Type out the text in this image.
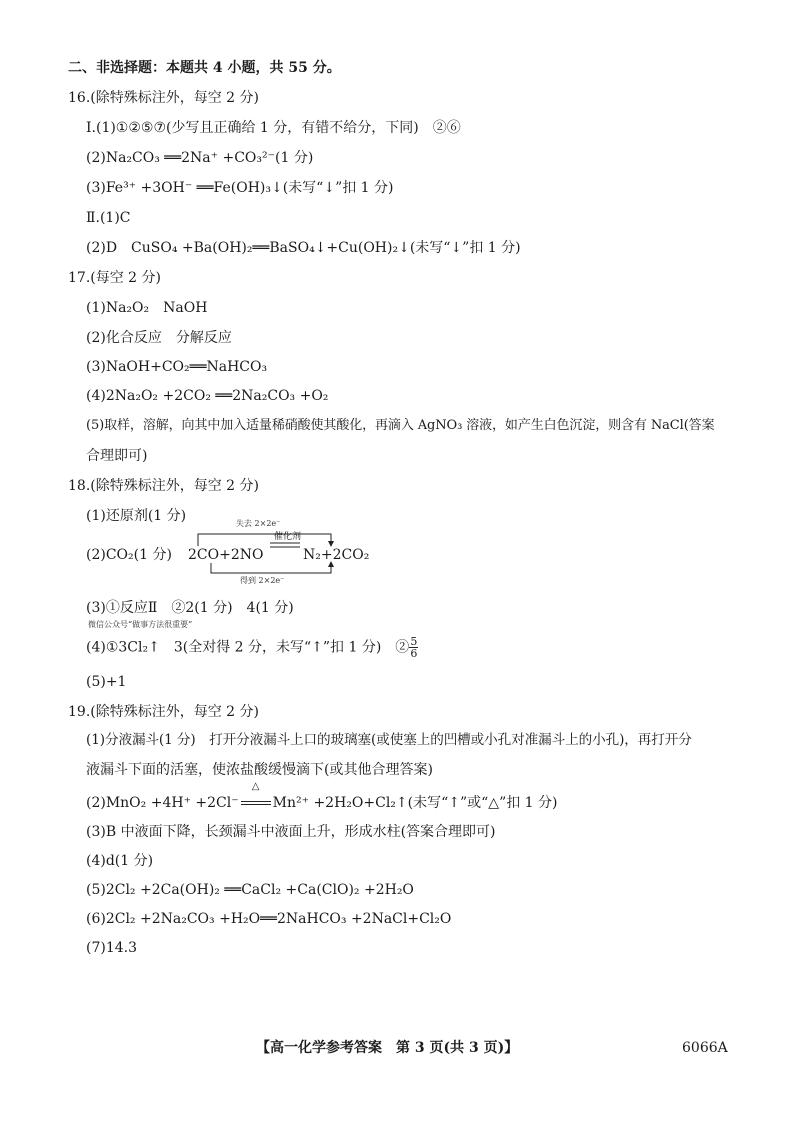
二、非选择题：本题共 4 小题，共 55 分。
16.(除特殊标注外，每空 2 分)
Ⅰ.(1)①②⑤⑦(少写且正确给 1 分，有错不给分，下同)　②⑥
(2)Na₂CO₃ ══2Na⁺ +CO₃²⁻(1 分)
(3)Fe³⁺ +3OH⁻ ══Fe(OH)₃↓(未写“↓”扣 1 分)
Ⅱ.(1)C
(2)D　CuSO₄ +Ba(OH)₂══BaSO₄↓+Cu(OH)₂↓(未写“↓”扣 1 分)
17.(每空 2 分)
(1)Na₂O₂　NaOH
(2)化合反应　分解反应
(3)NaOH+CO₂══NaHCO₃
(4)2Na₂O₂ +2CO₂ ══2Na₂CO₃ +O₂
(5)取样，溶解，向其中加入适量稀硝酸使其酸化，再滴入 AgNO₃ 溶液，如产生白色沉淀，则含有 NaCl(答案
合理即可)
18.(除特殊标注外，每空 2 分)
(1)还原剂(1 分)	失去 2×2e⁻
(2)CO₂(1 分) 2CO+2NO
催化剂
N₂+2CO₂
得到 2×2e⁻
(3)①反应Ⅱ　②2(1 分)　4(1 分)
微信公众号“做事方法很重要”
(4)①3Cl₂↑　3(全对得 2 分，未写“↑”扣 1 分)　② $\frac{5}{6}$
(5)+1
19.(除特殊标注外，每空 2 分)
(1)分液漏斗(1 分)　打开分液漏斗上口的玻璃塞(或使塞上的凹槽或小孔对准漏斗上的小孔)，再打开分
液漏斗下面的活塞，使浓盐酸缓慢滴下(或其他合理答案)
(2)MnO₂ +4H⁺ +2Cl⁻
△
Mn²⁺ +2H₂O+Cl₂↑(未写“↑”或“△”扣 1 分)
(3)B 中液面下降，长颈漏斗中液面上升，形成水柱(答案合理即可)
(4)d(1 分)
(5)2Cl₂ +2Ca(OH)₂ ══CaCl₂ +Ca(ClO)₂ +2H₂O
(6)2Cl₂ +2Na₂CO₃ +H₂O══2NaHCO₃ +2NaCl+Cl₂O
(7)14.3
【高一化学参考答案　第 3 页(共 3 页)】	6066A
